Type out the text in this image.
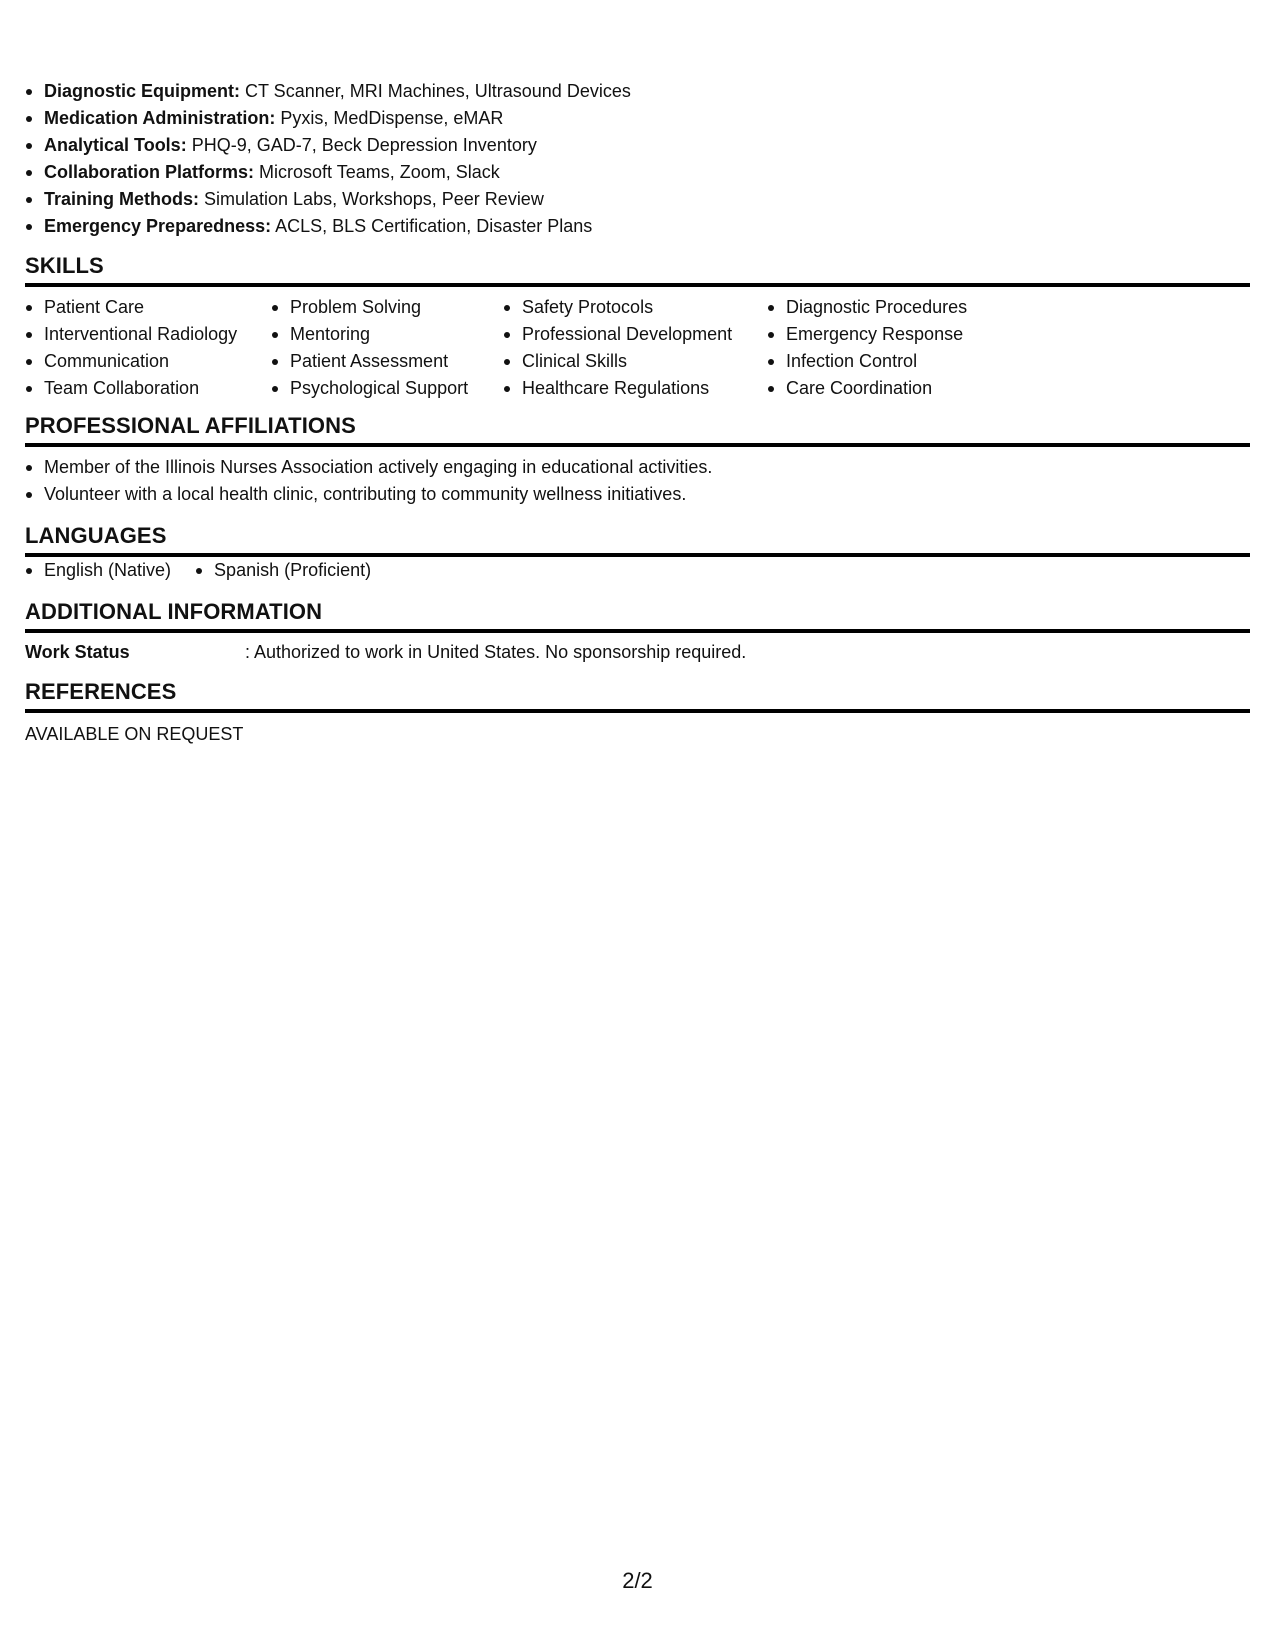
Diagnostic Equipment: CT Scanner, MRI Machines, Ultrasound Devices
Medication Administration: Pyxis, MedDispense, eMAR
Analytical Tools: PHQ-9, GAD-7, Beck Depression Inventory
Collaboration Platforms: Microsoft Teams, Zoom, Slack
Training Methods: Simulation Labs, Workshops, Peer Review
Emergency Preparedness: ACLS, BLS Certification, Disaster Plans
SKILLS
Patient Care
Interventional Radiology
Communication
Team Collaboration
Problem Solving
Mentoring
Patient Assessment
Psychological Support
Safety Protocols
Professional Development
Clinical Skills
Healthcare Regulations
Diagnostic Procedures
Emergency Response
Infection Control
Care Coordination
PROFESSIONAL AFFILIATIONS
Member of the Illinois Nurses Association actively engaging in educational activities.
Volunteer with a local health clinic, contributing to community wellness initiatives.
LANGUAGES
English (Native)	Spanish (Proficient)
ADDITIONAL INFORMATION
Work Status	: Authorized to work in United States. No sponsorship required.
REFERENCES
AVAILABLE ON REQUEST
2/2
